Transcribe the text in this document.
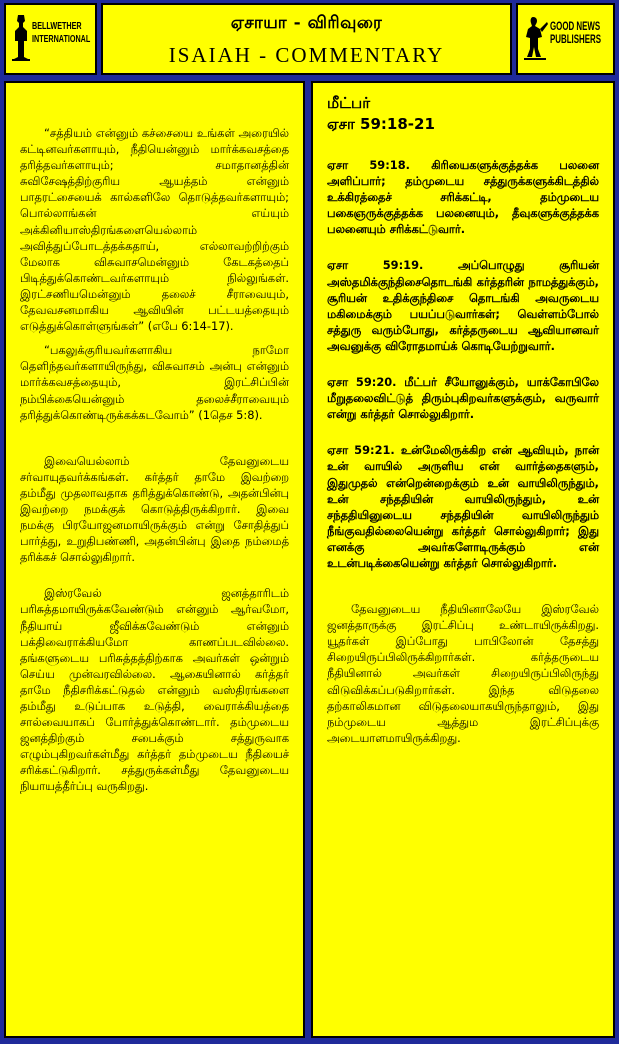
BELLWETHER
INTERNATIONAL
ஏசாயா - விரிவுரை
ISAIAH - COMMENTARY
GOOD NEWS
PUBLISHERS

“சத்தியம் என்னும் கச்சையை உங்கள் அரையில் கட்டினவர்களாயும், நீதியென்னும் மார்க்கவசத்தை தரித்தவர்களாயும்; சமாதானத்தின் சுவிசேஷத்திற்குரிய ஆயத்தம் என்னும் பாதரட்சையைக் கால்களிலே தொடுத்தவர்களாயும்; பொல்லாங்கன் எய்யும் அக்கினியாஸ்திரங்களையெல்லாம் அவித்துப்போடத்தக்கதாய், எல்லாவற்றிற்கும் மேலாக விசுவாசமென்னும் கேடகத்தைப் பிடித்துக்கொண்டவர்களாயும் நில்லுங்கள். இரட்சணியமென்னும் தலைச் சீராவையும், தேவவசனமாகிய ஆவியின் பட்டயத்தையும் எடுத்துக்கொள்ளுங்கள்” (எபே 6:14-17).

“பகலுக்குரியவர்களாகிய நாமோ தெளிந்தவர்களாயிருந்து, விசுவாசம் அன்பு என்னும் மார்க்கவசத்தையும், இரட்சிப்பின் நம்பிக்கையென்னும் தலைச்சீராவையும் தரித்துக்கொண்டிருக்கக்கடவோம்” (1தெச 5:8).

இவையெல்லாம் தேவனுடைய சர்வாயுதவர்க்கங்கள். கர்த்தர் தாமே இவற்றை தம்மீது முதலாவதாக தரித்துக்கொண்டு, அதன்பின்பு இவற்றை நமக்குக் கொடுத்திருக்கிறார். இவை நமக்கு பிரயோஜனமாயிருக்கும் என்று சோதித்துப் பார்த்து, உறுதிபண்ணி, அதன்பின்பு இதை நம்மைத் தரிக்கச் சொல்லுகிறார்.

இஸ்ரவேல் ஜனத்தாரிடம் பரிசுத்தமாயிருக்கவேண்டும் என்னும் ஆர்வமோ, நீதியாய் ஜீவிக்கவேண்டும் என்னும் பக்திவைராக்கியமோ காணப்படவில்லை. தங்களுடைய பரிசுத்தத்திற்காக அவர்கள் ஒன்றும் செய்ய முன்வரவில்லை. ஆகையினால் கர்த்தர் தாமே நீதிசரிக்கட்டுதல் என்னும் வஸ்திரங்களை தம்மீது உடுப்பாக உடுத்தி, வைராக்கியத்தை சால்வையாகப் போர்த்துக்கொண்டார். தம்முடைய ஜனத்திற்கும் சபைக்கும் சத்துருவாக எழும்புகிறவர்கள்மீது கர்த்தர் தம்முடைய நீதியைச் சரிக்கட்டுகிறார். சத்துருக்கள்மீது தேவனுடைய நியாயத்தீர்ப்பு வருகிறது.

மீட்பர்

ஏசா 59:18-21

ஏசா 59:18. கிரியைகளுக்குத்தக்க பலனை அளிப்பார்; தம்முடைய சத்துருக்களுக்கிடத்தில் உக்கிரத்தைச் சரிக்கட்டி, தம்முடைய பகைஞருக்குத்தக்க பலனையும், தீவுகளுக்குத்தக்க பலனையும் சரிக்கட்டுவார்.

ஏசா 59:19. அப்பொழுது சூரியன் அஸ்தமிக்குந்திசைதொடங்கி கர்த்தரின் நாமத்துக்கும், சூரியன் உதிக்குந்திசை தொடங்கி அவருடைய மகிமைக்கும் பயப்படுவார்கள்; வெள்ளம்போல் சத்துரு வரும்போது, கர்த்தருடைய ஆவியானவர் அவனுக்கு விரோதமாய்க் கொடியேற்றுவார்.

ஏசா 59:20. மீட்பர் சீயோனுக்கும், யாக்கோபிலே மீறுதலைவிட்டுத் திரும்புகிறவர்களுக்கும், வருவார் என்று கர்த்தர் சொல்லுகிறார்.

ஏசா 59:21. உன்மேலிருக்கிற என் ஆவியும், நான் உன் வாயில் அருளிய என் வார்த்தைகளும், இதுமுதல் என்றென்றைக்கும் உன் வாயிலிருந்தும், உன் சந்ததியின் வாயிலிருந்தும், உன் சந்ததியினுடைய சந்ததியின் வாயிலிருந்தும் நீங்குவதில்லையென்று கர்த்தர் சொல்லுகிறார்; இது எனக்கு அவர்களோடிருக்கும் என் உடன்படிக்கையென்று கர்த்தர் சொல்லுகிறார்.

தேவனுடைய நீதியினாலேயே இஸ்ரவேல் ஜனத்தாருக்கு இரட்சிப்பு உண்டாயிருக்கிறது. யூதர்கள் இப்போது பாபிலோன் தேசத்து சிறையிருப்பிலிருக்கிறார்கள். கர்த்தருடைய நீதியினால் அவர்கள் சிறையிருப்பிலிருந்து விடுவிக்கப்படுகிறார்கள். இந்த விடுதலை தற்காலிகமான விடுதலையாகயிருந்தாலும், இது நம்முடைய ஆத்தும இரட்சிப்புக்கு அடையாளமாயிருக்கிறது.
